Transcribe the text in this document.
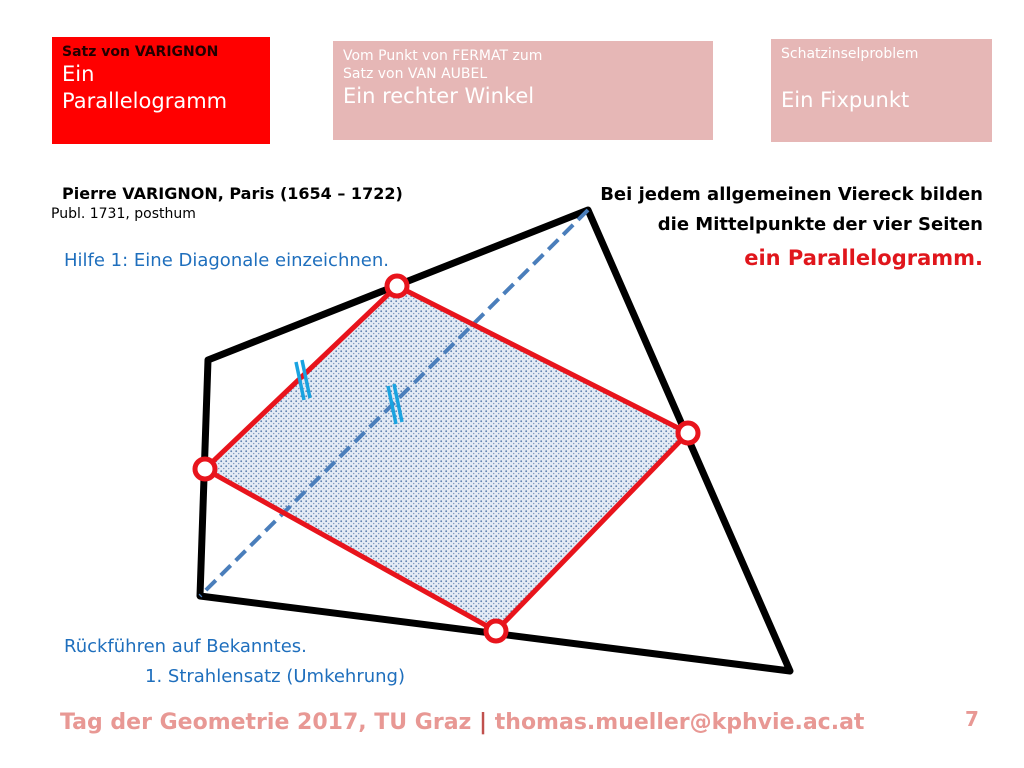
Satz von VARIGNON
Ein Parallelogramm
Vom Punkt von FERMAT zum
Satz von VAN AUBEL
Ein rechter Winkel
Schatzinselproblem
Ein Fixpunkt
Pierre VARIGNON, Paris (1654 – 1722)
Publ. 1731, posthum
Hilfe 1: Eine Diagonale einzeichnen.
Bei jedem allgemeinen Viereck bilden
die Mittelpunkte der vier Seiten
ein Parallelogramm.
Rückführen auf Bekanntes.
1. Strahlensatz (Umkehrung)
Tag der Geometrie 2017, TU Graz | thomas.mueller@kphvie.ac.at	7
